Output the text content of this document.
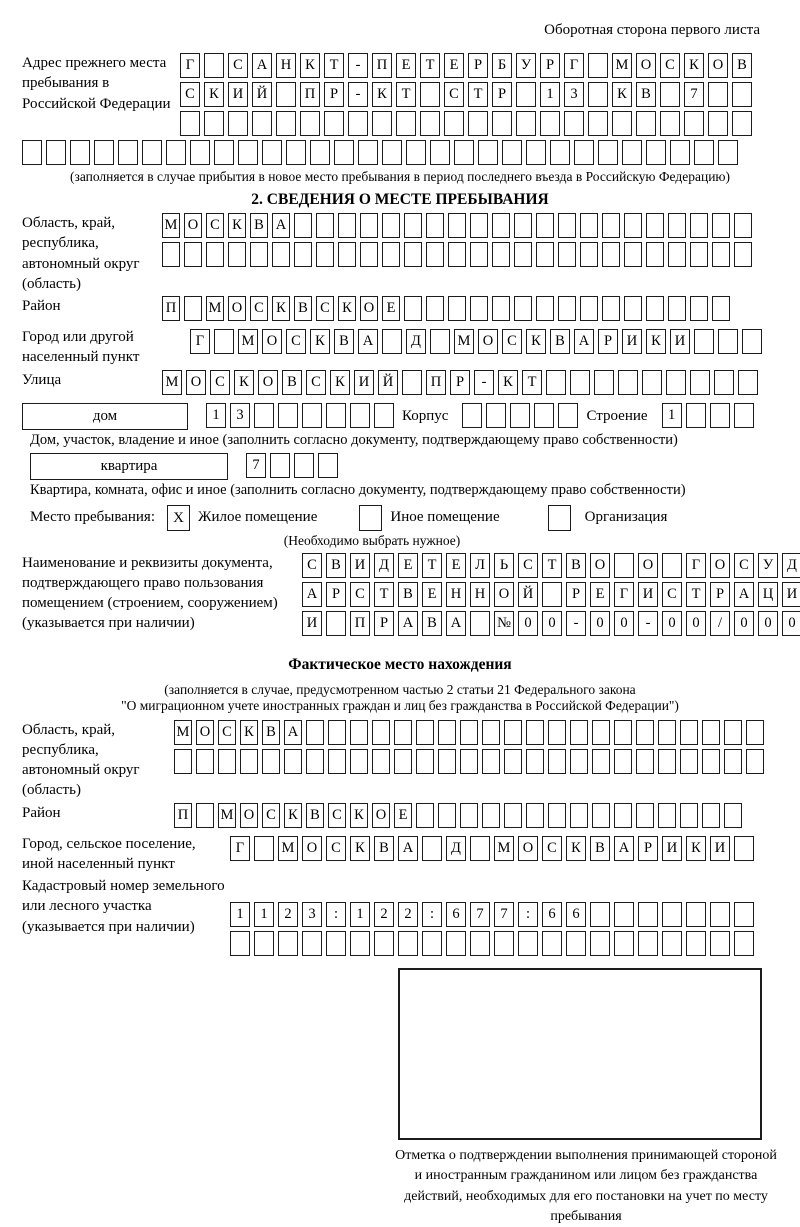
Оборотная сторона первого листа
Адрес прежнего места пребывания в Российской Федерации
Г	С А Н К Т - П Е Т Е Р Б У Р Г	М О С К О В
С К И Й	П Р - К Т	С Т Р	1 3	К В	7
(заполняется в случае прибытия в новое место пребывания в период последнего въезда в Российскую Федерацию)
2. СВЕДЕНИЯ О МЕСТЕ ПРЕБЫВАНИЯ
Область, край, республика, автономный округ (область)
М О С К В А
Район	П М О С К В С К О Е
Город или другой населенный пункт
Г	М О С К В А	Д	М О С К В А Р И К И
Улица	М О С К О В С К И Й	П Р - К Т
дом	1 3	Корпус	Строение 1
Дом, участок, владение и иное (заполнить согласно документу, подтверждающему право собственности)
квартира	7
Квартира, комната, офис и иное (заполнить согласно документу, подтверждающему право собственности)
Место пребывания:	X Жилое помещение	Иное помещение	Организация
(Необходимо выбрать нужное)
Наименование и реквизиты документа, подтверждающего право пользования помещением (строением, сооружением) (указывается при наличии)
С В И Д Е Т Е Л Ь С Т В О	О	Г О С У Д
А Р С Т В Е Н Н О Й	Р Е Г И С Т Р А Ц И
И	П Р А В А № 0 0 - 0 0 - 0 0 / 0 0 0
Фактическое место нахождения
(заполняется в случае, предусмотренном частью 2 статьи 21 Федерального закона
"О миграционном учете иностранных граждан и лиц без гражданства в Российской Федерации")
Область, край, республика, автономный округ (область)
М О С К В А
Район	П М О С К В С К О Е
Город, сельское поселение, иной населенный пункт
Г	М О С К В А	Д	М О С К В А Р И К И
Кадастровый номер земельного или лесного участка (указывается при наличии)
1 1 2 3 : 1 2 2 : 6 7 7 : 6 6
Отметка о подтверждении выполнения принимающей стороной и иностранным гражданином или лицом без гражданства действий, необходимых для его постановки на учет по месту пребывания
